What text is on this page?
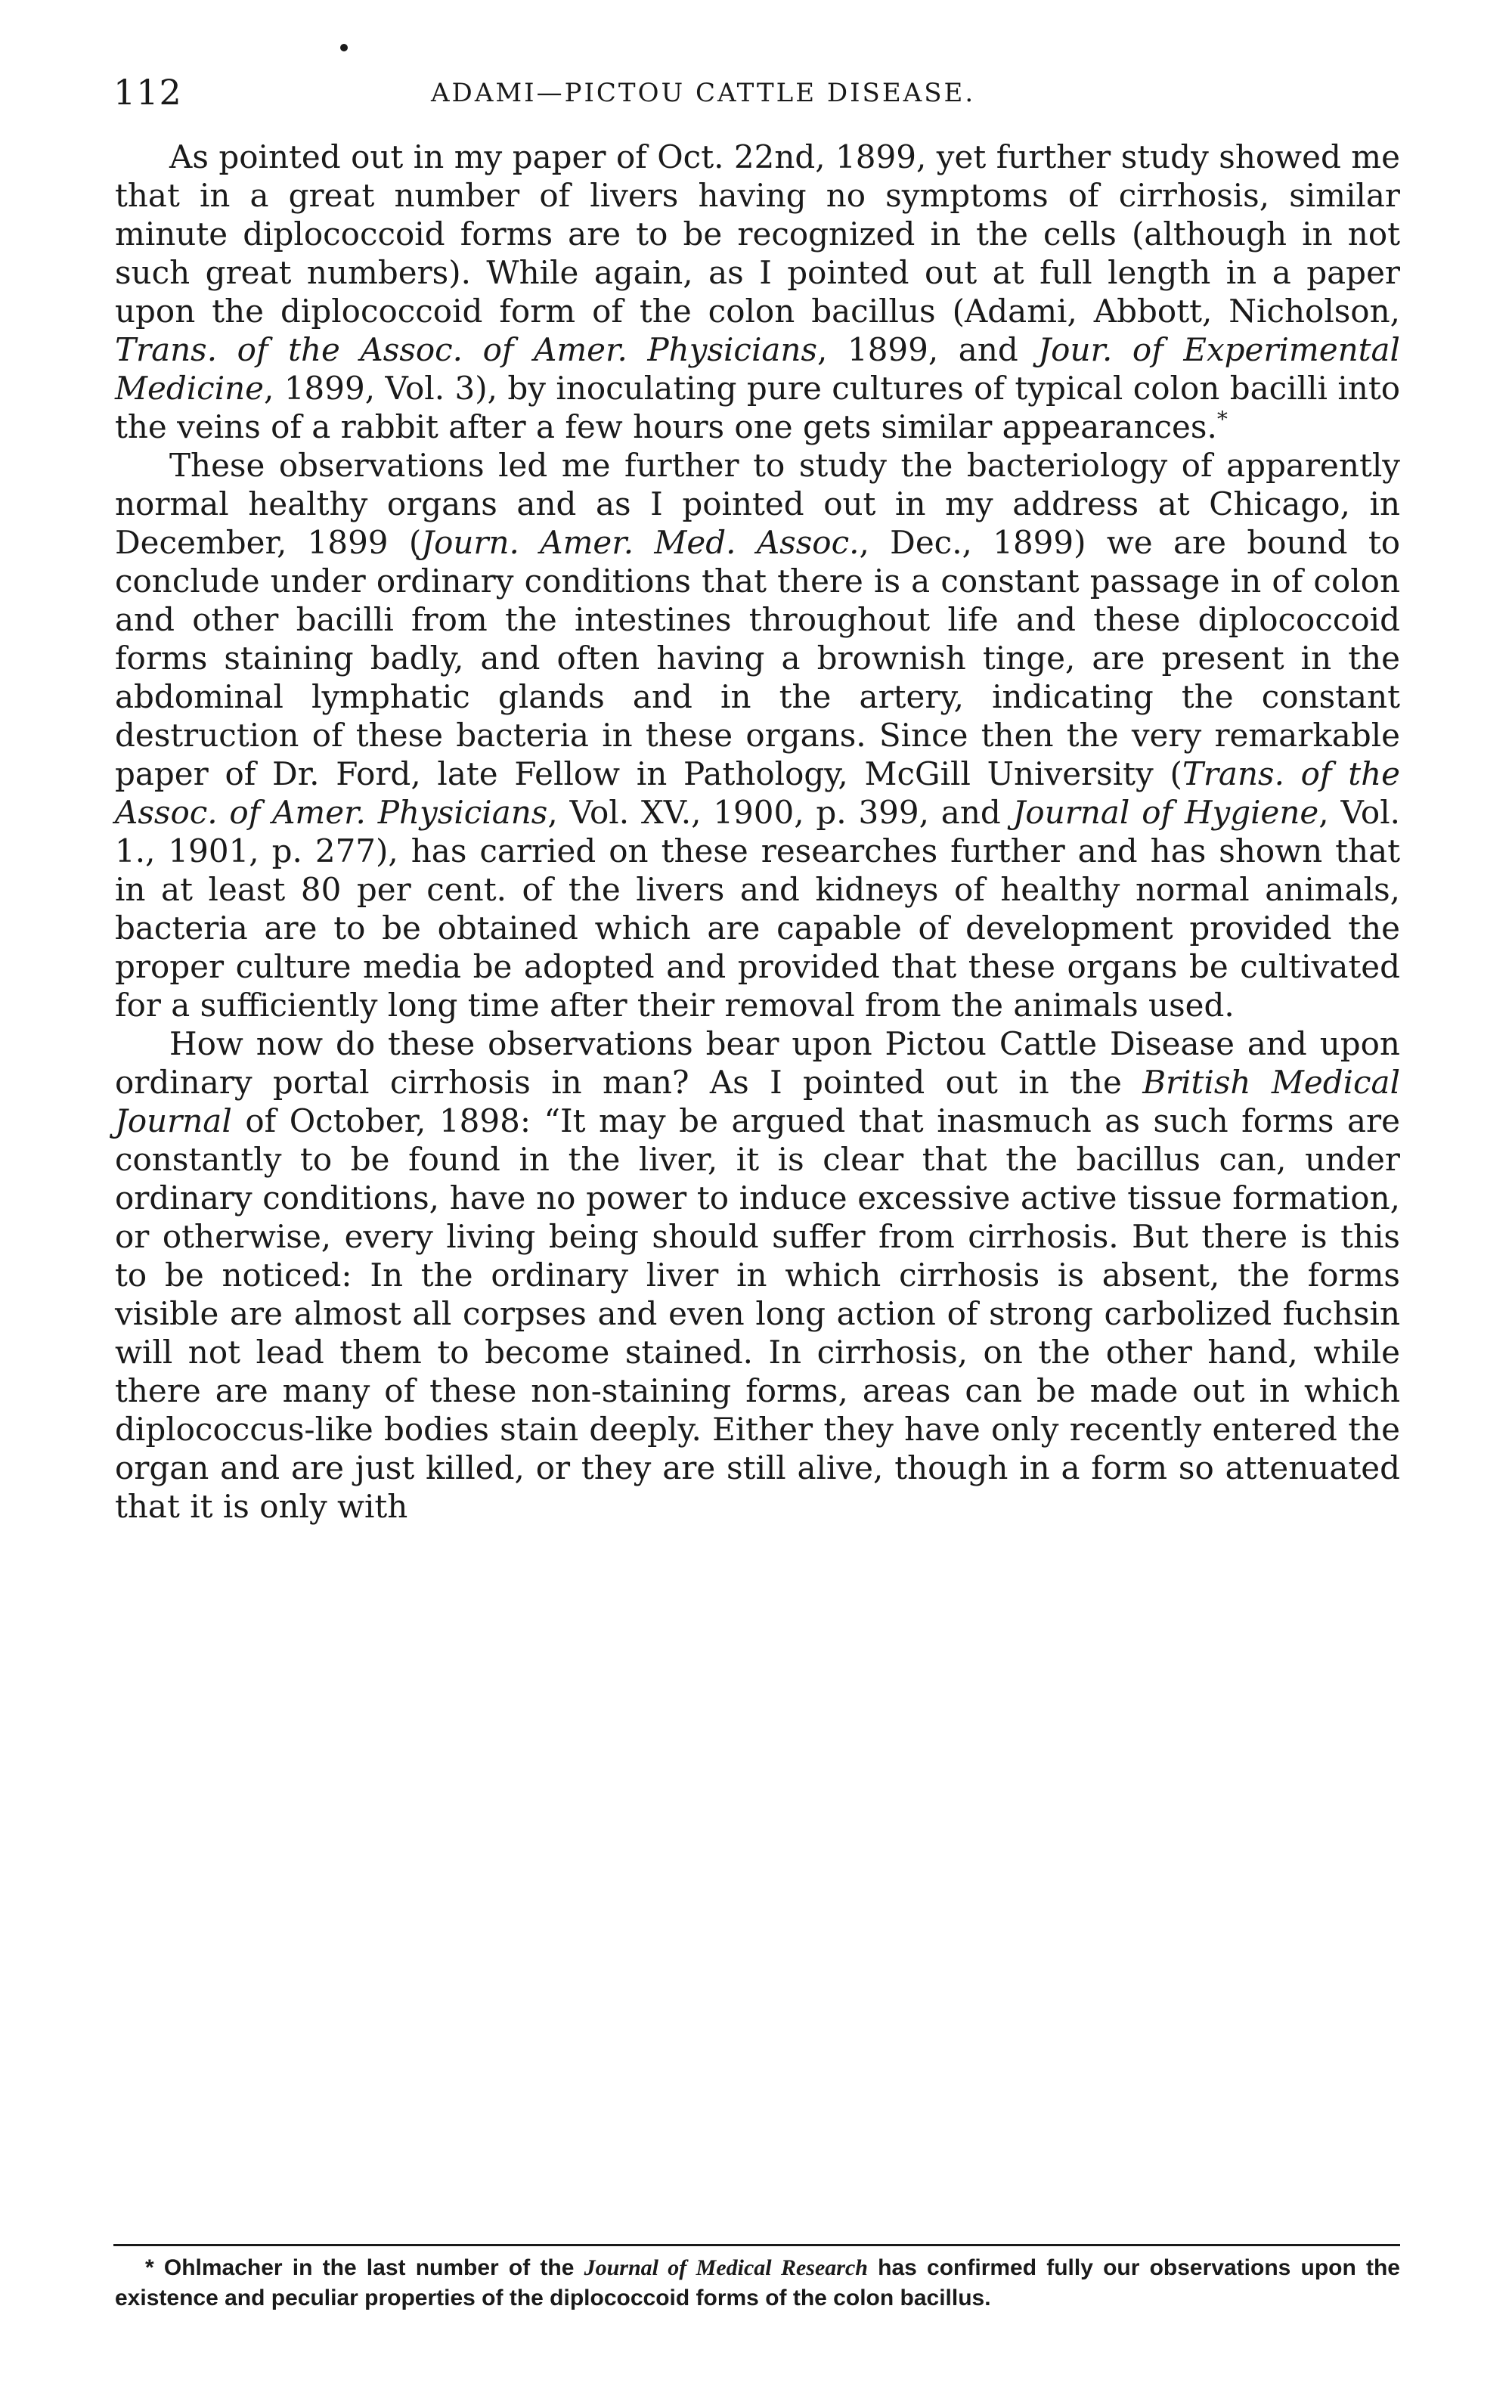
112	ADAMI—PICTOU CATTLE DISEASE.

As pointed out in my paper of Oct. 22nd, 1899, yet further study showed me that in a great number of livers having no symptoms of cirrhosis, similar minute diplococcoid forms are to be recognized in the cells (although in not such great numbers). While again, as I pointed out at full length in a paper upon the diplococcoid form of the colon bacillus (Adami, Abbott, Nicholson, Trans. of the Assoc. of Amer. Physicians, 1899, and Jour. of Experimental Medicine, 1899, Vol. 3), by inoculating pure cultures of typical colon bacilli into the veins of a rabbit after a few hours one gets similar appearances.*

These observations led me further to study the bacteriology of apparently normal healthy organs and as I pointed out in my address at Chicago, in December, 1899 (Journ. Amer. Med. Assoc., Dec., 1899) we are bound to conclude under ordinary conditions that there is a constant passage in of colon and other bacilli from the intestines throughout life and these diplococcoid forms staining badly, and often having a brownish tinge, are present in the abdominal lymphatic glands and in the artery, indicating the constant destruction of these bacteria in these organs. Since then the very remarkable paper of Dr. Ford, late Fellow in Pathology, McGill University (Trans. of the Assoc. of Amer. Physicians, Vol. XV., 1900, p. 399, and Journal of Hygiene, Vol. 1., 1901, p. 277), has carried on these researches further and has shown that in at least 80 per cent. of the livers and kidneys of healthy normal animals, bacteria are to be obtained which are capable of development provided the proper culture media be adopted and provided that these organs be cultivated for a sufficiently long time after their removal from the animals used.

How now do these observations bear upon Pictou Cattle Disease and upon ordinary portal cirrhosis in man? As I pointed out in the British Medical Journal of October, 1898: “It may be argued that inasmuch as such forms are constantly to be found in the liver, it is clear that the bacillus can, under ordinary conditions, have no power to induce excessive active tissue formation, or otherwise, every living being should suffer from cirrhosis. But there is this to be noticed: In the ordinary liver in which cirrhosis is absent, the forms visible are almost all corpses and even long action of strong carbolized fuchsin will not lead them to become stained. In cirrhosis, on the other hand, while there are many of these non-staining forms, areas can be made out in which diplococcus-like bodies stain deeply. Either they have only recently entered the organ and are just killed, or they are still alive, though in a form so attenuated that it is only with

* Ohlmacher in the last number of the Journal of Medical Research has confirmed fully our observations upon the existence and peculiar properties of the diplococcoid forms of the colon bacillus.
